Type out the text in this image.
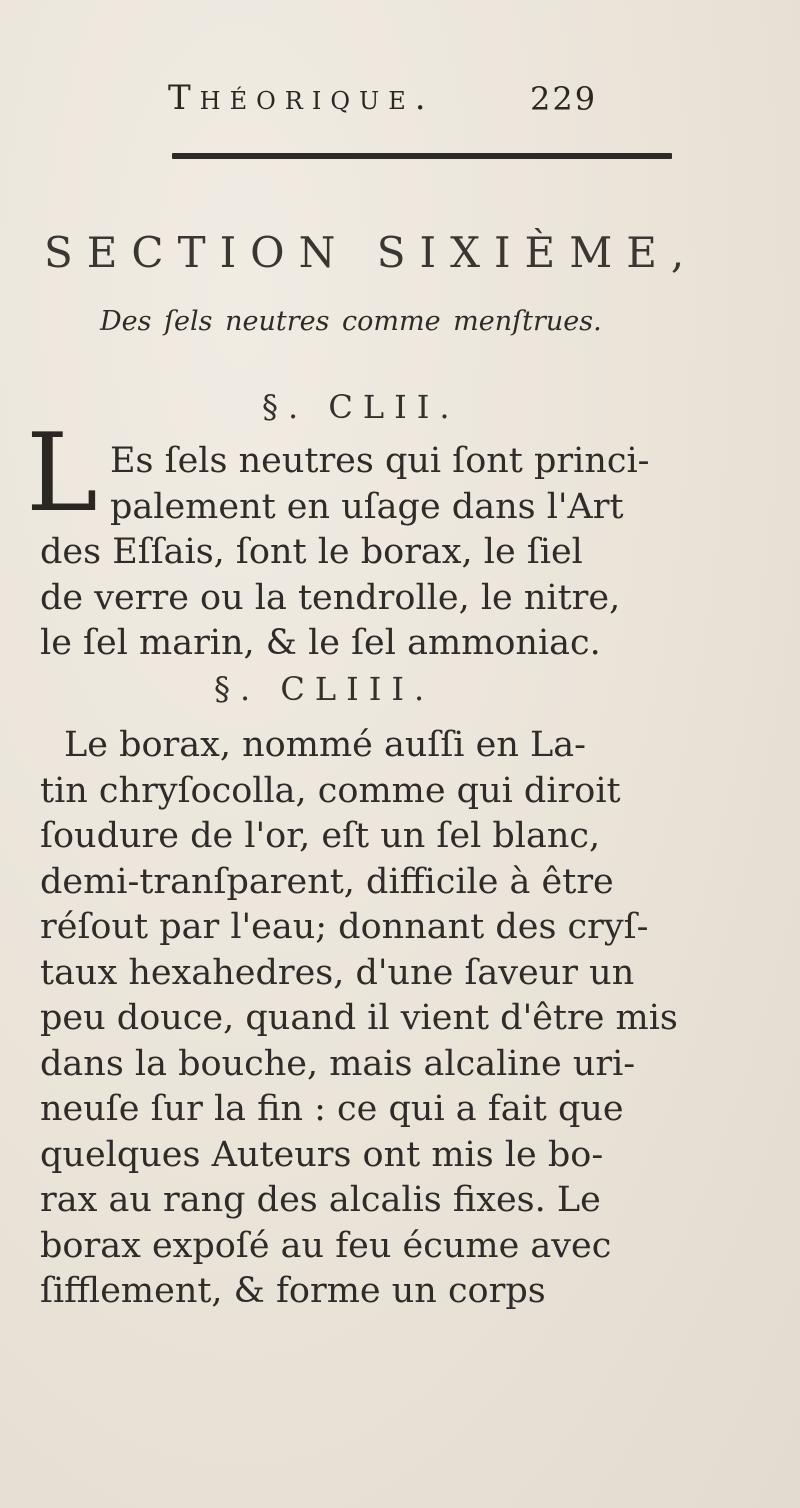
Théorique.	229
SECTION SIXIÈME,
Des ſels neutres comme menſtrues.
§. CLII.
L Es ſels neutres qui ſont princi-
palement en uſage dans l'Art
des Eſſais, ſont le borax, le ſiel
de verre ou la tendrolle, le nitre,
le ſel marin, & le ſel ammoniac.
§. CLIII.
Le borax, nommé auſſi en La-
tin chryſocolla, comme qui diroit
ſoudure de l'or, eſt un ſel blanc,
demi-tranſparent, difficile à être
réſout par l'eau; donnant des cryſ-
taux hexahedres, d'une ſaveur un
peu douce, quand il vient d'être mis
dans la bouche, mais alcaline uri-
neuſe ſur la fin : ce qui a fait que
quelques Auteurs ont mis le bo-
rax au rang des alcalis fixes. Le
borax expoſé au feu écume avec
ſifflement, & forme un corps
